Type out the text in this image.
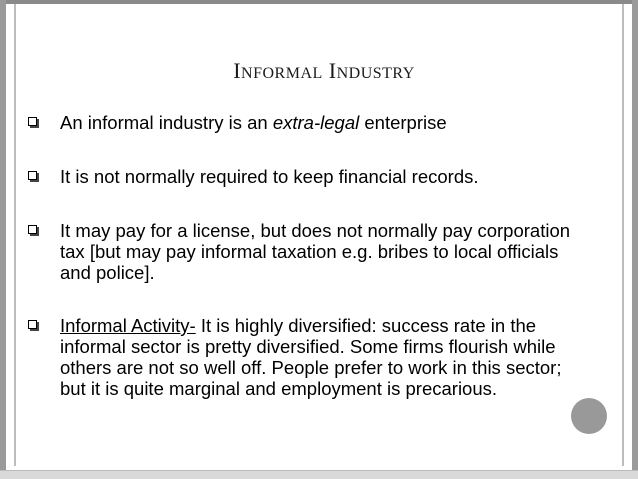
INFORMAL INDUSTRY
An informal industry is an extra-legal enterprise
It is not normally required to keep financial records.
It may pay for a license, but does not normally pay corporation tax [but may pay informal taxation e.g. bribes to local officials and police].
Informal Activity- It is highly diversified: success rate in the informal sector is pretty diversified. Some firms flourish while others are not so well off. People prefer to work in this sector; but it is quite marginal and employment is precarious.
